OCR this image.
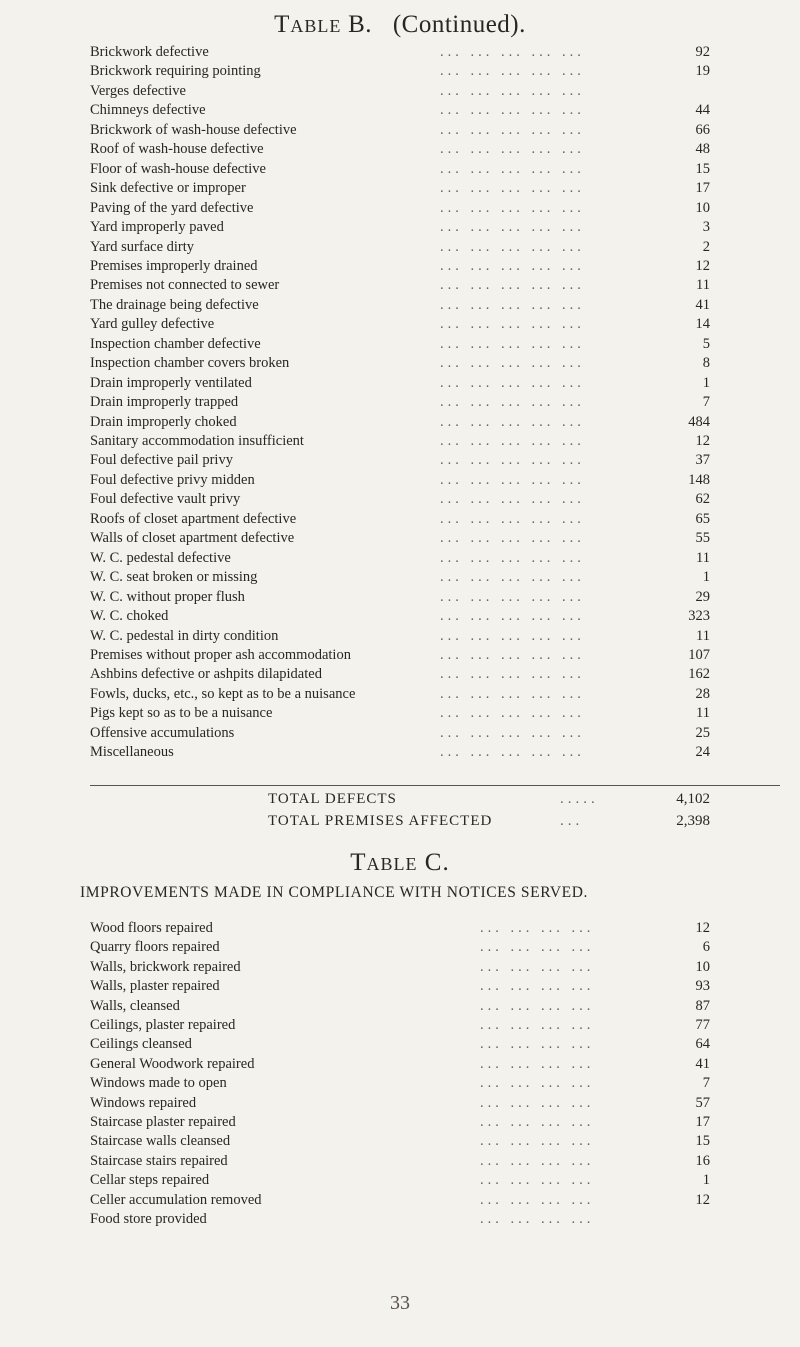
Table B. (Continued).
Brickwork defective	... ... ... ... ...	92
Brickwork requiring pointing	... ... ... ... ...	19
Verges defective	... ... ... ... ...
Chimneys defective	... ... ... ... ...	44
Brickwork of wash-house defective	... ... ... ... ...	66
Roof of wash-house defective	... ... ... ... ...	48
Floor of wash-house defective	... ... ... ... ...	15
Sink defective or improper	... ... ... ... ...	17
Paving of the yard defective	... ... ... ... ...	10
Yard improperly paved	... ... ... ... ...	3
Yard surface dirty	... ... ... ... ...	2
Premises improperly drained	... ... ... ... ...	12
Premises not connected to sewer	... ... ... ... ...	11
The drainage being defective	... ... ... ... ...	41
Yard gulley defective	... ... ... ... ...	14
Inspection chamber defective	... ... ... ... ...	5
Inspection chamber covers broken	... ... ... ... ...	8
Drain improperly ventilated	... ... ... ... ...	1
Drain improperly trapped	... ... ... ... ...	7
Drain improperly choked	... ... ... ... ...	484
Sanitary accommodation insufficient	... ... ... ... ...	12
Foul defective pail privy	... ... ... ... ...	37
Foul defective privy midden	... ... ... ... ...	148
Foul defective vault privy	... ... ... ... ...	62
Roofs of closet apartment defective	... ... ... ... ...	65
Walls of closet apartment defective	... ... ... ... ...	55
W. C. pedestal defective	... ... ... ... ...	11
W. C. seat broken or missing	... ... ... ... ...	1
W. C. without proper flush	... ... ... ... ...	29
W. C. choked	... ... ... ... ...	323
W. C. pedestal in dirty condition	... ... ... ... ...	11
Premises without proper ash accommodation	... ... ... ... ...	107
Ashbins defective or ashpits dilapidated	... ... ... ... ...	162
Fowls, ducks, etc., so kept as to be a nuisance	... ... ... ... ...	28
Pigs kept so as to be a nuisance	... ... ... ... ...	11
Offensive accumulations	... ... ... ... ...	25
Miscellaneous	... ... ... ... ...	24
TOTAL DEFECTS	.....	4,102
TOTAL PREMISES AFFECTED	...	2,398
Table C.
IMPROVEMENTS MADE IN COMPLIANCE WITH NOTICES SERVED.
Wood floors repaired	... ... ... ...	12
Quarry floors repaired	... ... ... ...	6
Walls, brickwork repaired	... ... ... ...	10
Walls, plaster repaired	... ... ... ...	93
Walls, cleansed	... ... ... ...	87
Ceilings, plaster repaired	... ... ... ...	77
Ceilings cleansed	... ... ... ...	64
General Woodwork repaired	... ... ... ...	41
Windows made to open	... ... ... ...	7
Windows repaired	... ... ... ...	57
Staircase plaster repaired	... ... ... ...	17
Staircase walls cleansed	... ... ... ...	15
Staircase stairs repaired	... ... ... ...	16
Cellar steps repaired	... ... ... ...	1
Celler accumulation removed	... ... ... ...	12
Food store provided	... ... ... ...
33
